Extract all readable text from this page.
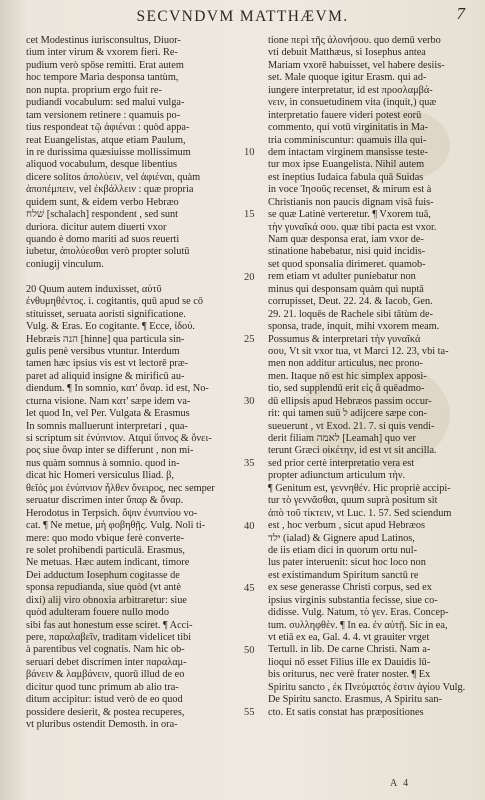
SECVNDVM MATTHÆVM.	7
cet Modestinus iurisconsultus, Diuor-
tium inter virum & vxorem fieri. Re-
pudium verò spōse remitti. Erat autem
hoc tempore Maria desponsa tantùm,
non nupta. proprium ergo fuit re-
pudiandi vocabulum: sed malui vulga-
tam versionem retinere : quamuis po-
tius respondeat τῷ ἀφιέναι : quòd appa-
reat Euangelistas, atque etiam Paulum,
in re durissima quæsiuisse mollissimum
aliquod vocabulum, desque libentius
dicere solitos ἀπολύειν, vel ἀφιέναι, quàm
ἀποπέμπειν, vel ἐκβάλλειν : quæ propria
quidem sunt, & eidem verbo Hebræo
שׁלח [schalach] respondent , sed sunt
duriora. dicitur autem diuerti vxor
quando è domo mariti ad suos reuerti
iubetur, ἀπολύεσθαι verò propter solutū
coniugij vinculum.
20 Quum autem induxisset, αὐτῦ
ἐνθυμηθέντος. i. cogitantis, quū apud se cō
stituisset, seruata aoristi significatione.
Vulg. & Eras. Eo cogitante. ¶ Ecce, ἰδού.
Hebræis הנה [hinne] qua particula sin-
gulis penè versibus vtuntur. Interdum
tamen hæc ipsius vis est vt lectorē præ-
paret ad aliquid insigne & mirificū au-
diendum. ¶ In somnio, κατ' ὄναρ. id est, No-
cturna visione. Nam κατ' sæpe idem va-
let quod In, vel Per. Vulgata & Erasmus
In somnis malluerunt interpretari , qua-
si scriptum sit ἐνύπνιον. Atqui ὕπνος & ὄνει-
ρος siue ὄναρ inter se differunt , non mi-
nus quàm somnus à somnio. quod in-
dicat hic Homeri versiculus Iliad. β,
θεῖός μοι ἐνύπνιον ἦλθεν ὄνειρος, nec semper
seruatur discrimen inter ὕπαρ & ὄναρ.
Herodotus in Terpsich. ὄψιν ἐνυπνίου vo-
cat. ¶ Ne metue, μὴ φοβηθῇς. Vulg. Noli ti-
mere: quo modo vbique ferè converte-
re solet prohibendi particulā. Erasmus,
Ne metuas. Hæc autem indicant, timore
Dei adductum Iosephum cogitasse de
sponsa repudianda, siue quòd (vt antè
dixi) alij viro obnoxia arbitraretur: siue
quòd adulteram fouere nullo modo
sibi fas aut honestum esse sciret. ¶ Acci-
pere, παραλαβεῖν, traditam videlicet tibi
à parentibus vel cognatis. Nam hic ob-
seruari debet discrimen inter παραλαμ-
βάνειν & λαμβάνειν, quorū illud de eo
dicitur quod tunc primum ab alio tra-
ditum accipitur: istud verò de eo quod
possidere desierit, & postea recuperes,
vt pluribus ostendit Demosth. in ora-
tione περὶ τῆς ἀλονήσου. quo demū verbo
vti debuit Matthæus, si Iosephus antea
Mariam vxorē habuisset, vel habere desiis-
set. Male quoque igitur Erasm. qui ad-
iungere interpretatur, id est προσλαμβά-
νειν, in consuetudinem vita (inquit,) quæ
interpretatio fauere videri potest eorū
commento, qui votū virginitatis in Ma-
tria comminiscuntur: quamuis illa qui-
dem intactam virginem mansisse teste-
tur mox ipse Euangelista. Nihil autem
est ineptius Iudaica fabula quā Suidas
in voce Ἰησοῦς recenset, & mirum est à
Christianis non paucis dignam visā fuis-
se quæ Latinè verteretur. ¶ Vxorem tuā,
τὴν γυναῖκά σου. quæ tibi pacta est vxor.
Nam quæ desponsa erat, iam vxor de-
stinatione habebatur, nisi quid incidis-
set quod sponsalia dirimeret. quamob-
rem etiam vt adulter puniebatur non
minus qui desponsam quàm qui nuptā
corrupisset, Deut. 22. 24. & Iacob, Gen.
29. 21. loquēs de Rachele sibi tātùm de-
sponsa, trade, inquit, mihi vxorem meam.
Possumus & interpretari τὴν γυναῖκά
σου, Vt sit vxor tua, vt Marci 12. 23, vbi ta-
men non additur articulus, nec prono-
men. Itaque nō est hic simplex apposi-
tio, sed supplendū erit εἰς ἃ quēadmo-
dū ellipsis apud Hebræos passim occur-
rit: qui tamen suū ל adijcere sæpe con-
sueuerunt , vt Exod. 21. 7. si quis vendi-
derit filiam לאמה [Leamah] quo ver
terunt Græci οἰκέτην, id est vt sit ancilla.
sed prior certè interpretatio vera est
propter adiunctum articulum τὴν.
¶ Genitum est, γεννηθέν. Hic propriè accipi-
tur τὸ γεννᾶσθαι, quum suprà positum sit
ἀπὸ τοῦ τίκτειν, vt Luc. 1. 57. Sed sciendum
est , hoc verbum , sicut apud Hebræos
ילד (ialad) & Gignere apud Latinos,
de iis etiam dici in quorum ortu nul-
lus pater interuenit: sicut hoc loco non
est existimandum Spiritum sanctū re
ex sese generasse Christi corpus, sed ex
ipsius virginis substantia fecisse, siue co-
didisse. Vulg. Natum, τὸ γεν. Eras. Concep-
tum. συλληφθὲν. ¶ In ea. ἐν αὐτῇ. Sic in ea,
vt etiā ex ea, Gal. 4. 4. vt grauiter vrget
Tertull. in lib. De carne Christi. Nam a-
lioqui nō esset Filius ille ex Dauidis lū-
bis oriturus, nec verè frater noster. ¶ Ex
Spiritu sancto , ἐκ Πνεύματός ἐστιν ἁγίου Vulg.
De Spiritu sancto. Erasmus, A Spiritu san-
cto. Et satis constat has præpositiones
10
15
20
25
30
35
40
45
50
55
A 4
